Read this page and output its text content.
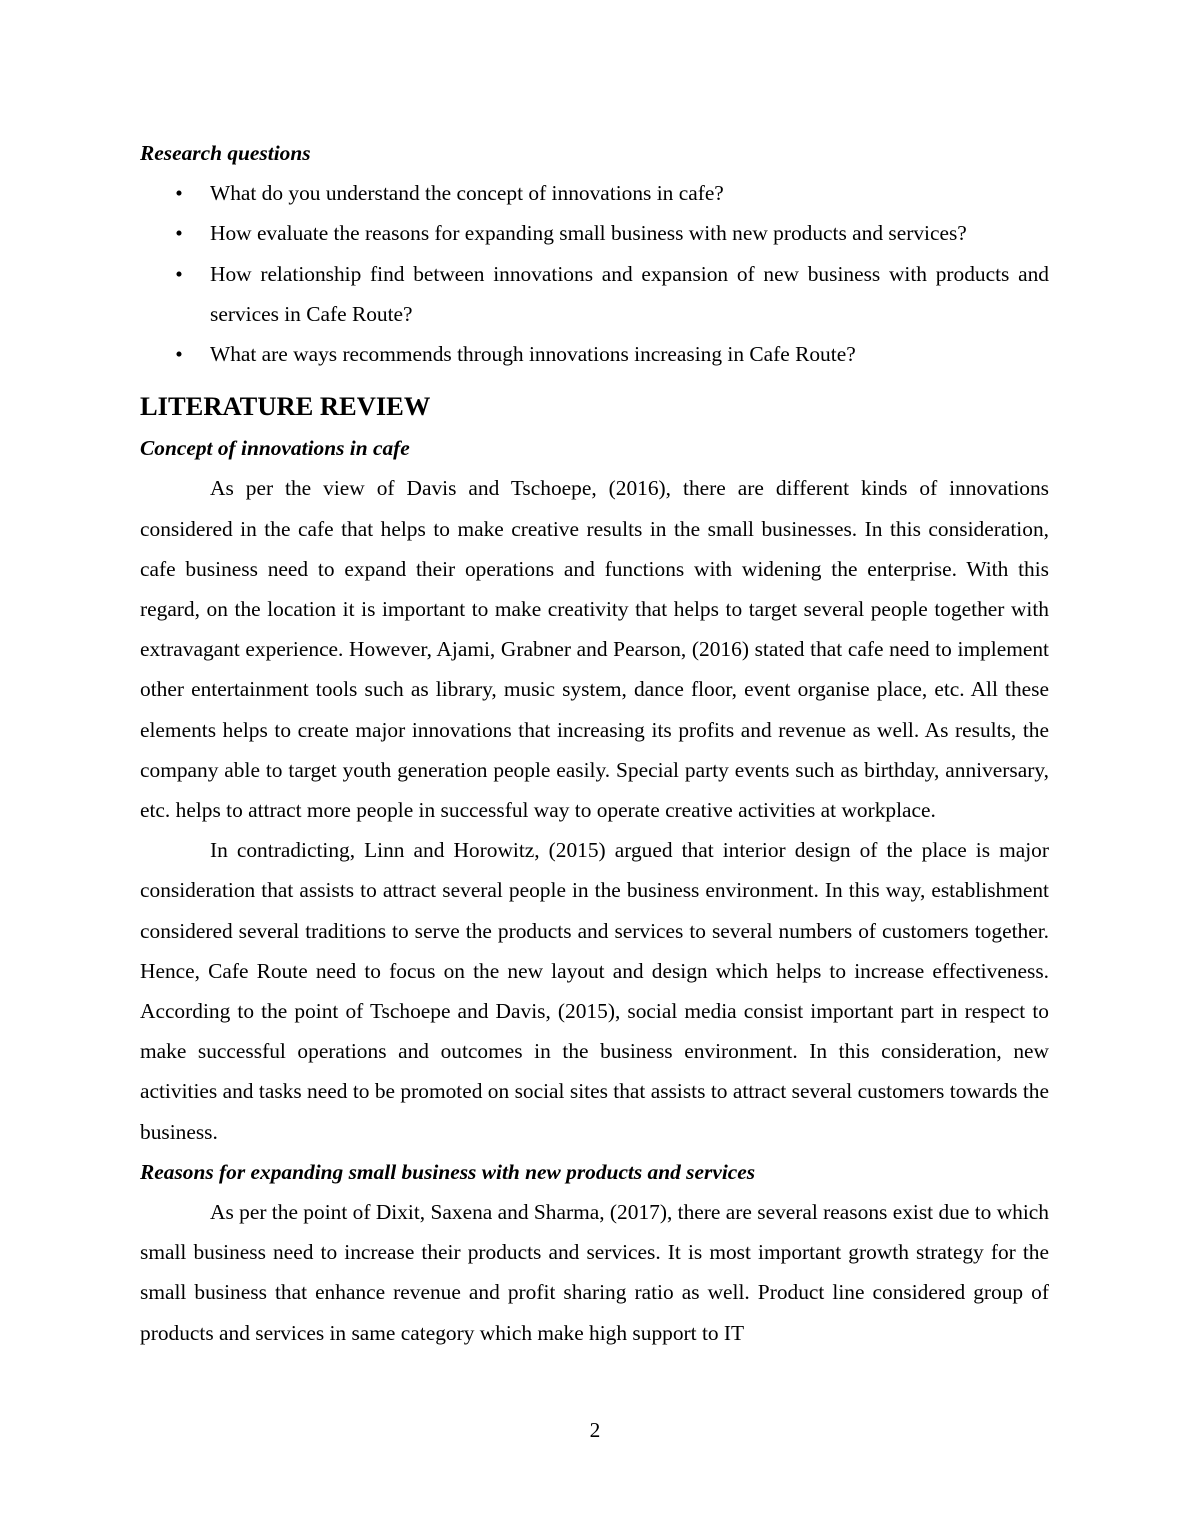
Research questions

• What do you understand the concept of innovations in cafe?
• How evaluate the reasons for expanding small business with new products and services?
• How relationship find between innovations and expansion of new business with products and services in Cafe Route?
• What are ways recommends through innovations increasing in Cafe Route?
LITERATURE REVIEW

Concept of innovations in cafe

As per the view of Davis and Tschoepe, (2016), there are different kinds of innovations considered in the cafe that helps to make creative results in the small businesses. In this consideration, cafe business need to expand their operations and functions with widening the enterprise. With this regard, on the location it is important to make creativity that helps to target several people together with extravagant experience. However, Ajami, Grabner and Pearson, (2016) stated that cafe need to implement other entertainment tools such as library, music system, dance floor, event organise place, etc. All these elements helps to create major innovations that increasing its profits and revenue as well. As results, the company able to target youth generation people easily. Special party events such as birthday, anniversary, etc. helps to attract more people in successful way to operate creative activities at workplace.

In contradicting, Linn and Horowitz, (2015) argued that interior design of the place is major consideration that assists to attract several people in the business environment. In this way, establishment considered several traditions to serve the products and services to several numbers of customers together. Hence, Cafe Route need to focus on the new layout and design which helps to increase effectiveness. According to the point of Tschoepe and Davis, (2015), social media consist important part in respect to make successful operations and outcomes in the business environment. In this consideration, new activities and tasks need to be promoted on social sites that assists to attract several customers towards the business.

Reasons for expanding small business with new products and services

As per the point of Dixit, Saxena and Sharma, (2017), there are several reasons exist due to which small business need to increase their products and services. It is most important growth strategy for the small business that enhance revenue and profit sharing ratio as well. Product line considered group of products and services in same category which make high support to IT

2
